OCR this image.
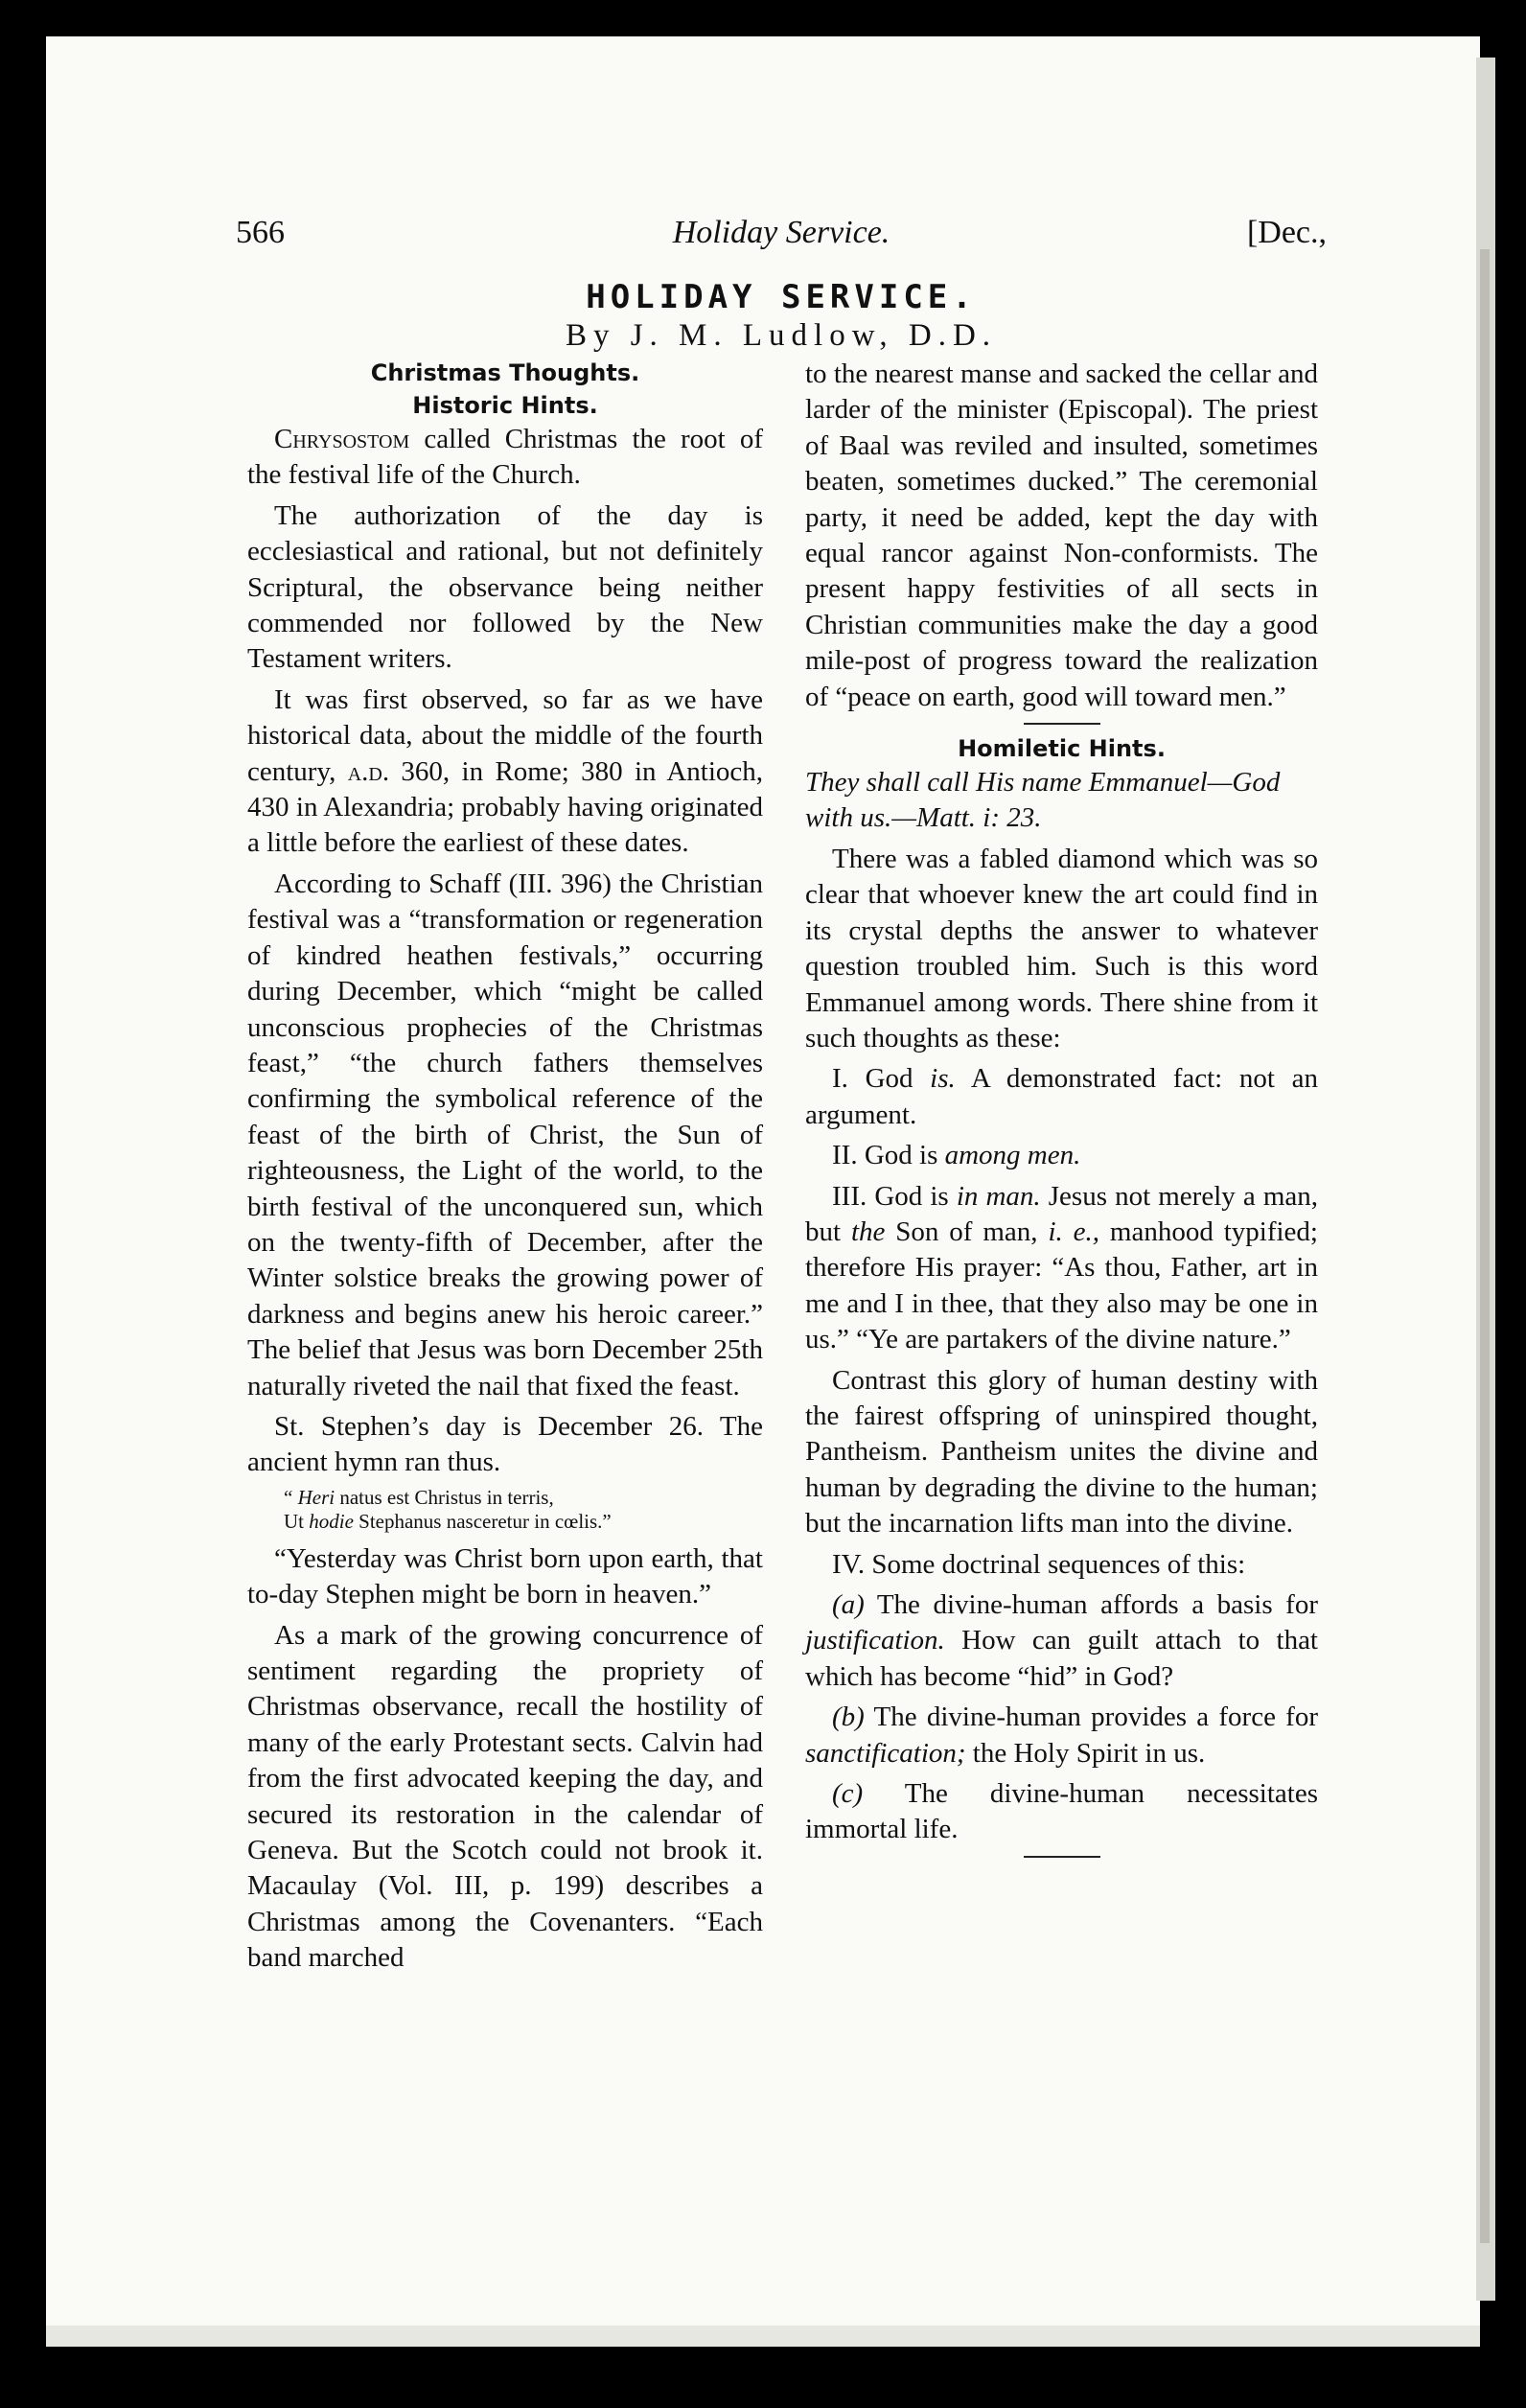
Holiday Service.
566	[Dec.,
HOLIDAY SERVICE.
By J. M. Ludlow, D.D.
Christmas Thoughts.
Historic Hints.

Chrysostom called Christmas the root of the festival life of the Church.

The authorization of the day is ecclesiastical and rational, but not definitely Scriptural, the observance being neither commended nor followed by the New Testament writers.

It was first observed, so far as we have historical data, about the middle of the fourth century, a.d. 360, in Rome; 380 in Antioch, 430 in Alexandria; probably having originated a little before the earliest of these dates.

According to Schaff (III. 396) the Christian festival was a “transformation or regeneration of kindred heathen festivals,” occurring during December, which “might be called unconscious prophecies of the Christmas feast,” “the church fathers themselves confirming the symbolical reference of the feast of the birth of Christ, the Sun of righteousness, the Light of the world, to the birth festival of the unconquered sun, which on the twenty-fifth of December, after the Winter solstice breaks the growing power of darkness and begins anew his heroic career.” The belief that Jesus was born December 25th naturally riveted the nail that fixed the feast.

St. Stephen’s day is December 26. The ancient hymn ran thus.

“ Heri natus est Christus in terris,
Ut hodie Stephanus nasceretur in cœlis.”

“Yesterday was Christ born upon earth, that to-day Stephen might be born in heaven.”

As a mark of the growing concurrence of sentiment regarding the propriety of Christmas observance, recall the hostility of many of the early Protestant sects. Calvin had from the first advocated keeping the day, and secured its restoration in the calendar of Geneva. But the Scotch could not brook it. Macaulay (Vol. III, p. 199) describes a Christmas among the Covenanters. “Each band marched

to the nearest manse and sacked the cellar and larder of the minister (Episcopal). The priest of Baal was reviled and insulted, sometimes beaten, sometimes ducked.” The ceremonial party, it need be added, kept the day with equal rancor against Non-conformists. The present happy festivities of all sects in Christian communities make the day a good mile-post of progress toward the realization of “peace on earth, good will toward men.”

Homiletic Hints.

They shall call His name Emmanuel—God with us.—Matt. i: 23.

There was a fabled diamond which was so clear that whoever knew the art could find in its crystal depths the answer to whatever question troubled him. Such is this word Emmanuel among words. There shine from it such thoughts as these:

I. God is. A demonstrated fact: not an argument.

II. God is among men.

III. God is in man. Jesus not merely a man, but the Son of man, i. e., manhood typified; therefore His prayer: “As thou, Father, art in me and I in thee, that they also may be one in us.” “Ye are partakers of the divine nature.”

Contrast this glory of human destiny with the fairest offspring of uninspired thought, Pantheism. Pantheism unites the divine and human by degrading the divine to the human; but the incarnation lifts man into the divine.

IV. Some doctrinal sequences of this:

(a) The divine-human affords a basis for justification. How can guilt attach to that which has become “hid” in God?

(b) The divine-human provides a force for sanctification; the Holy Spirit in us.

(c) The divine-human necessitates immortal life.
